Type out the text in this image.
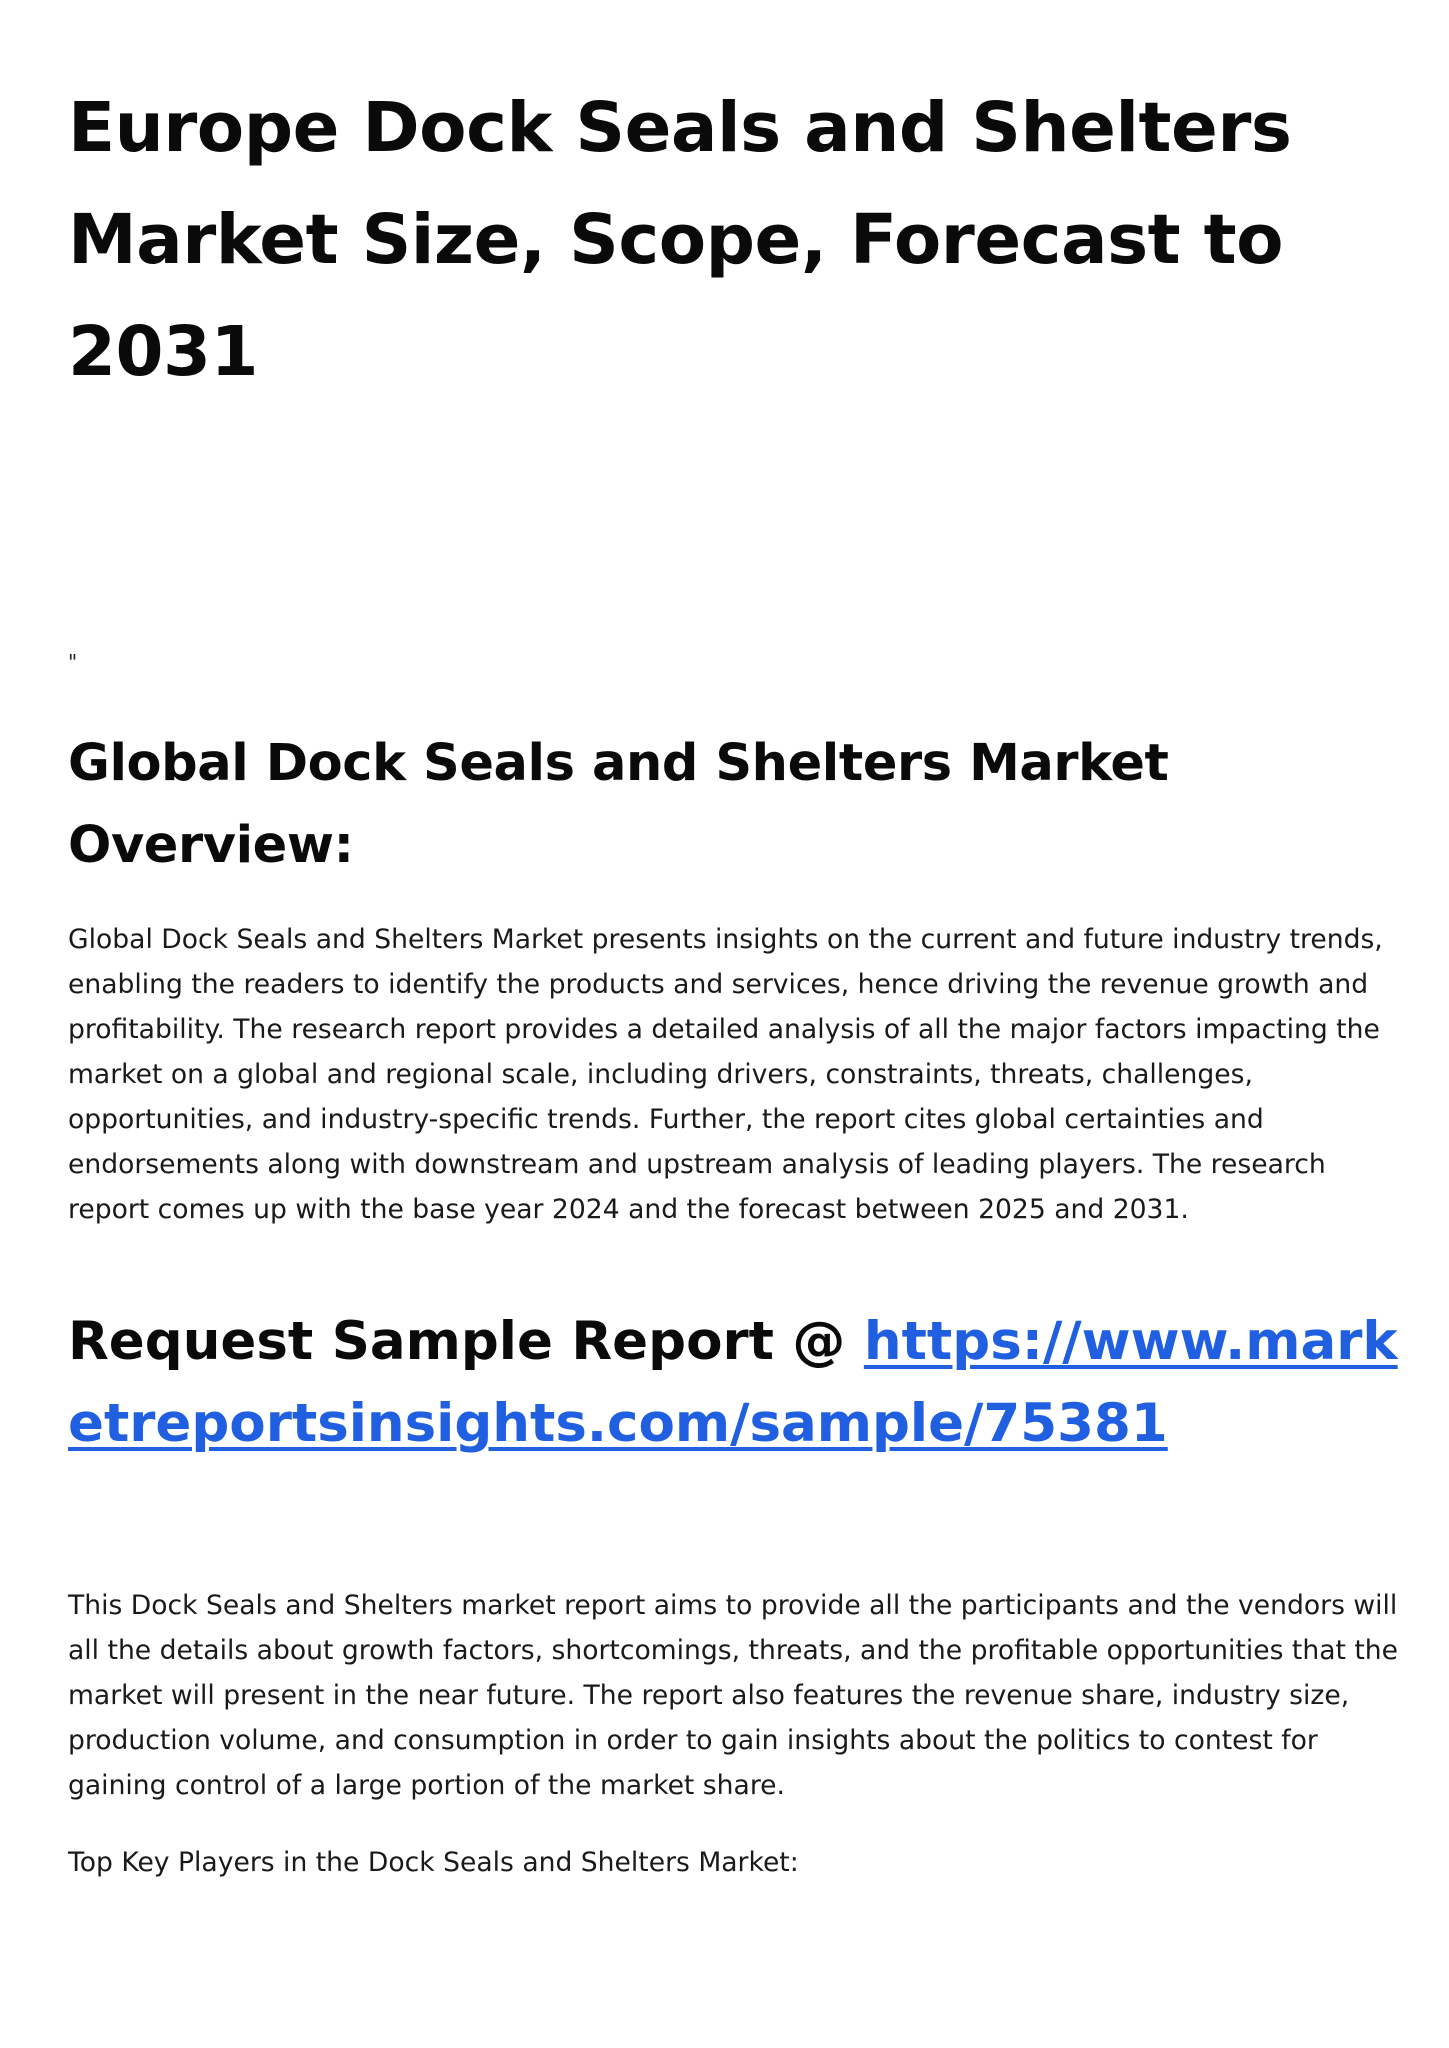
Europe Dock Seals and Shelters Market Size, Scope, Forecast to 2031
"
Global Dock Seals and Shelters Market Overview:

Global Dock Seals and Shelters Market presents insights on the current and future industry trends, enabling the readers to identify the products and services, hence driving the revenue growth and profitability. The research report provides a detailed analysis of all the major factors impacting the market on a global and regional scale, including drivers, constraints, threats, challenges, opportunities, and industry-specific trends. Further, the report cites global certainties and endorsements along with downstream and upstream analysis of leading players. The research report comes up with the base year 2024 and the forecast between 2025 and 2031.

Request Sample Report @ https://www.marketreportsinsights.com/sample/75381

This Dock Seals and Shelters market report aims to provide all the participants and the vendors will all the details about growth factors, shortcomings, threats, and the profitable opportunities that the market will present in the near future. The report also features the revenue share, industry size, production volume, and consumption in order to gain insights about the politics to contest for gaining control of a large portion of the market share.

Top Key Players in the Dock Seals and Shelters Market:
